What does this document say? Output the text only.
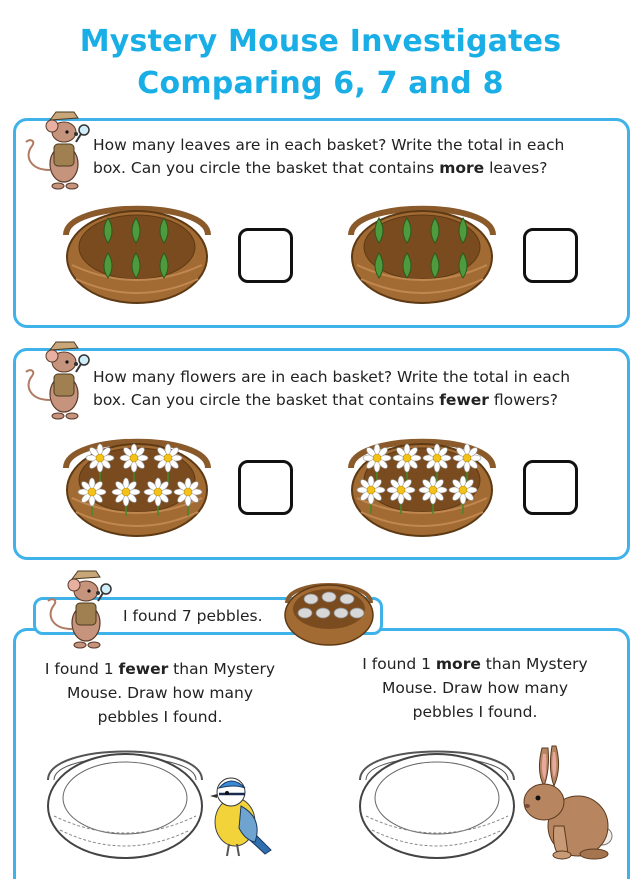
Mystery Mouse Investigates
Comparing 6, 7 and 8
How many leaves are in each basket? Write the total in each
box. Can you circle the basket that contains more leaves?
How many flowers are in each basket? Write the total in each
box. Can you circle the basket that contains fewer flowers?
I found 7 pebbles.
I found 1 fewer than Mystery
Mouse. Draw how many
pebbles I found.
I found 1 more than Mystery
Mouse. Draw how many
pebbles I found.
